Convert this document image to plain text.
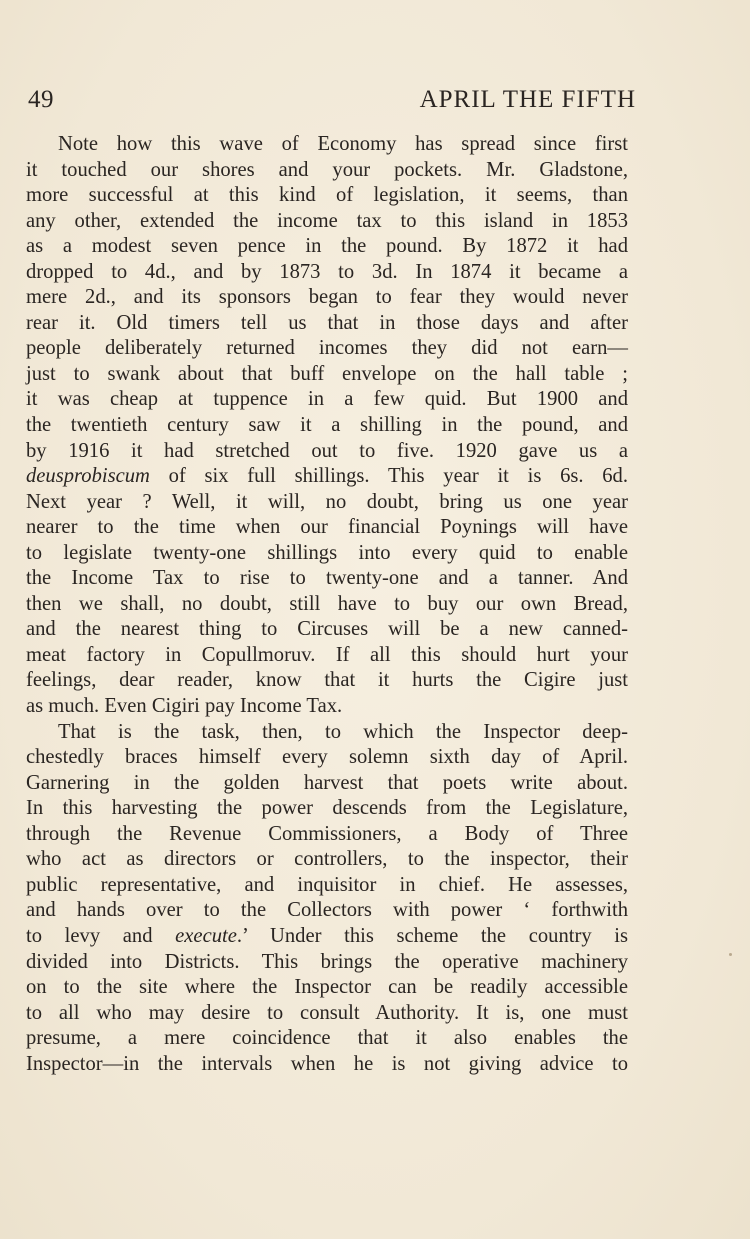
49	APRIL THE FIFTH
Note how this wave of Economy has spread since first
it touched our shores and your pockets. Mr. Gladstone,
more successful at this kind of legislation, it seems, than
any other, extended the income tax to this island in 1853
as a modest seven pence in the pound. By 1872 it had
dropped to 4d., and by 1873 to 3d. In 1874 it became a
mere 2d., and its sponsors began to fear they would never
rear it. Old timers tell us that in those days and after
people deliberately returned incomes they did not earn—
just to swank about that buff envelope on the hall table ;
it was cheap at tuppence in a few quid. But 1900 and
the twentieth century saw it a shilling in the pound, and
by 1916 it had stretched out to five. 1920 gave us a
deusprobiscum of six full shillings. This year it is 6s. 6d.
Next year ? Well, it will, no doubt, bring us one year
nearer to the time when our financial Poynings will have
to legislate twenty-one shillings into every quid to enable
the Income Tax to rise to twenty-one and a tanner. And
then we shall, no doubt, still have to buy our own Bread,
and the nearest thing to Circuses will be a new canned-
meat factory in Copullmoruv. If all this should hurt your
feelings, dear reader, know that it hurts the Cigire just
as much. Even Cigiri pay Income Tax.
That is the task, then, to which the Inspector deep-
chestedly braces himself every solemn sixth day of April.
Garnering in the golden harvest that poets write about.
In this harvesting the power descends from the Legislature,
through the Revenue Commissioners, a Body of Three
who act as directors or controllers, to the inspector, their
public representative, and inquisitor in chief. He assesses,
and hands over to the Collectors with power ‘ forthwith
to levy and execute.’ Under this scheme the country is
divided into Districts. This brings the operative machinery
on to the site where the Inspector can be readily accessible
to all who may desire to consult Authority. It is, one must
presume, a mere coincidence that it also enables the
Inspector—in the intervals when he is not giving advice to
